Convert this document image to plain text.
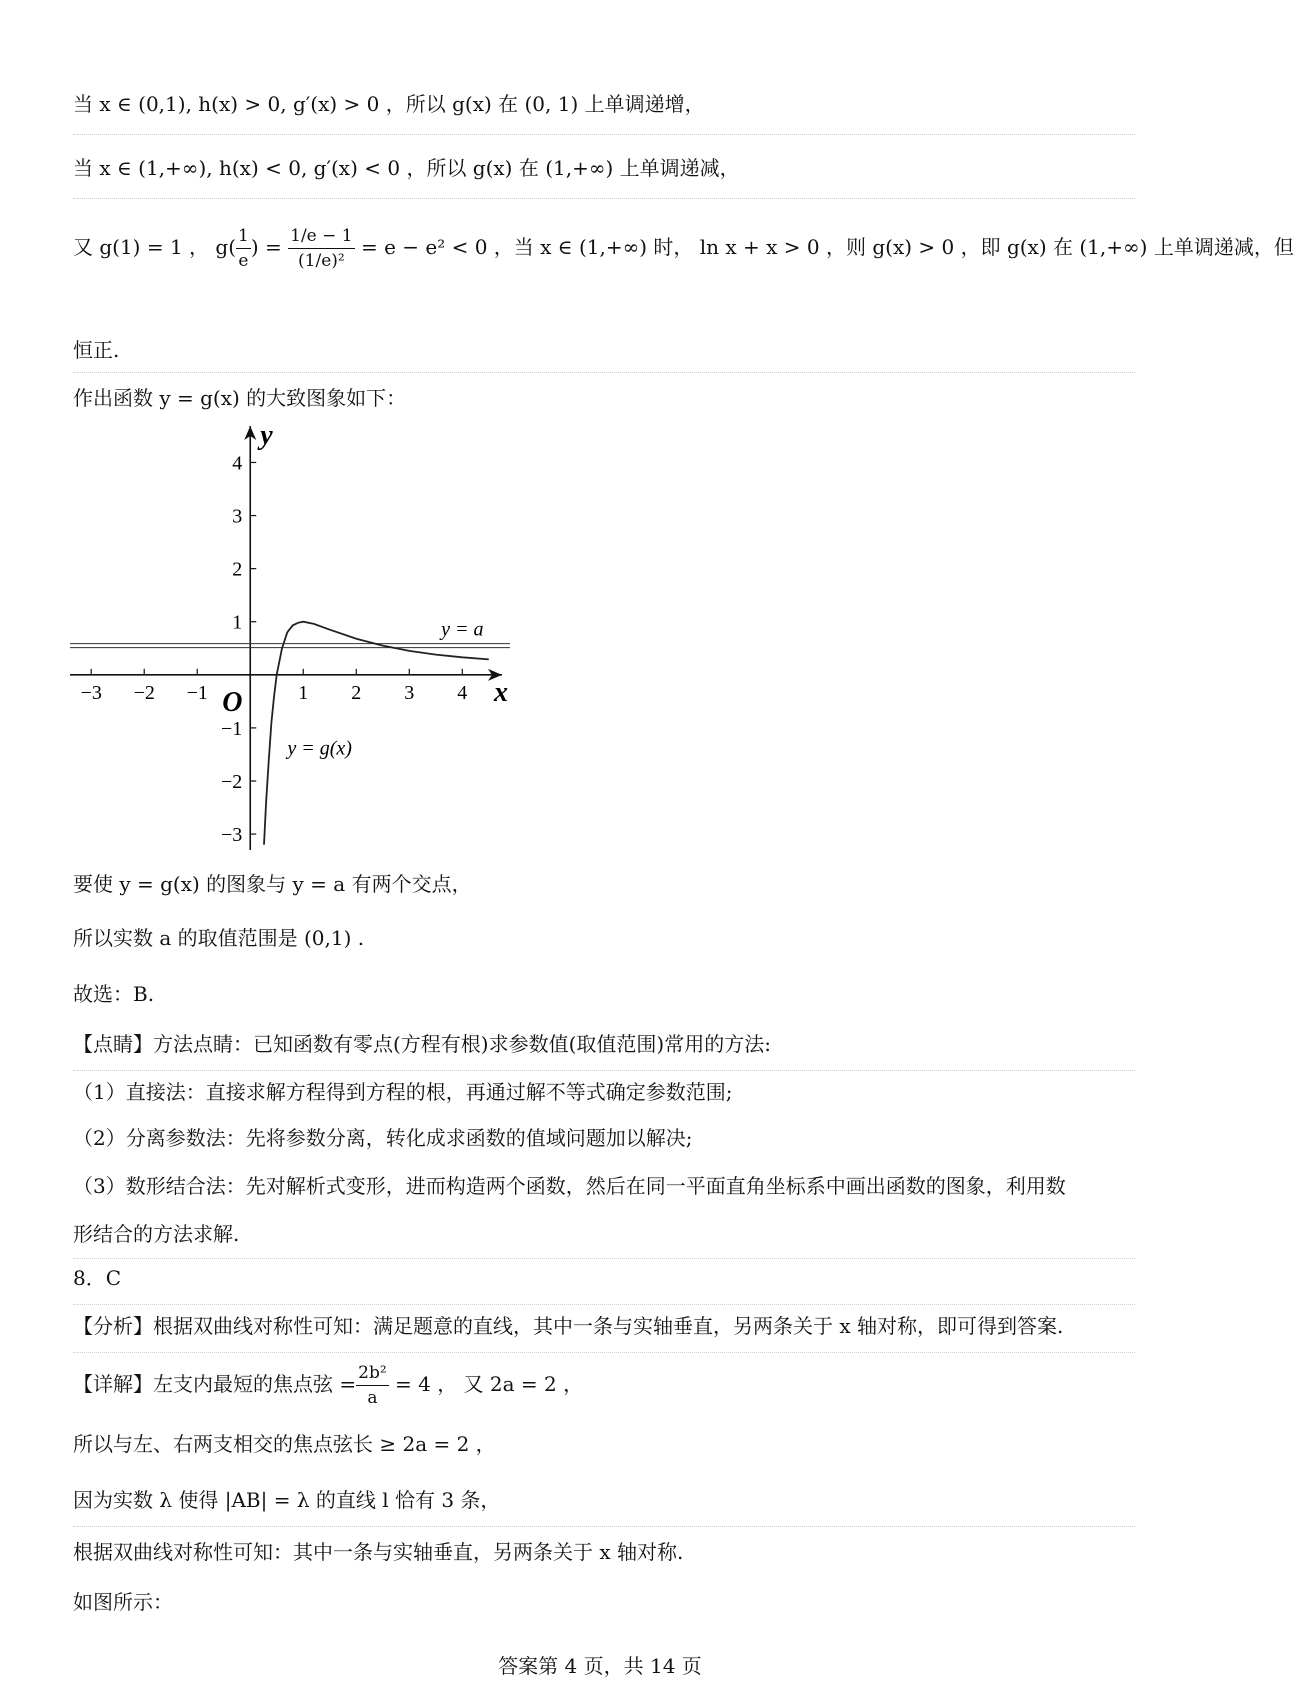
当 x ∈ (0,1), h(x) > 0, g′(x) > 0 ，所以 g(x) 在 (0, 1) 上单调递增，
当 x ∈ (1,+∞), h(x) < 0, g′(x) < 0 ，所以 g(x) 在 (1,+∞) 上单调递减，
又 g(1) = 1 ， $g( \frac{1}{e}$ ) = $\frac{1/e - 1}{\text{(1/e)²}} = e - e^2 < 0$ ，当 x ∈ (1,+∞) 时， ln x + x > 0 ，则 g(x) > 0 ，即 g(x) 在 (1,+∞) 上单调递减，但
恒正.
作出函数 y = g(x) 的大致图象如下：
−3 −2 −1	1 2 3 4
4
3
2
1
−1
−2
−3
x
y
O
y = a
y = g(x)
要使 y = g(x) 的图象与 y = a 有两个交点，
所以实数 a 的取值范围是 (0,1) .
故选：B.
【点睛】方法点睛：已知函数有零点(方程有根)求参数值(取值范围)常用的方法:
（1）直接法：直接求解方程得到方程的根，再通过解不等式确定参数范围;
（2）分离参数法：先将参数分离，转化成求函数的值域问题加以解决;
（3）数形结合法：先对解析式变形，进而构造两个函数，然后在同一平面直角坐标系中画出函数的图象，利用数
形结合的方法求解.
8．C
【分析】根据双曲线对称性可知：满足题意的直线，其中一条与实轴垂直，另两条关于 x 轴对称，即可得到答案.
【详解】左支内最短的焦点弦 = $\frac{\text{2b²}}{a} = 4$ ， 又 2a = 2 ，
所以与左、右两支相交的焦点弦长 ≥ 2a = 2 ，
因为实数 λ 使得 |AB| = λ 的直线 l 恰有 3 条，
根据双曲线对称性可知：其中一条与实轴垂直，另两条关于 x 轴对称.
如图所示：
答案第 4 页，共 14 页
